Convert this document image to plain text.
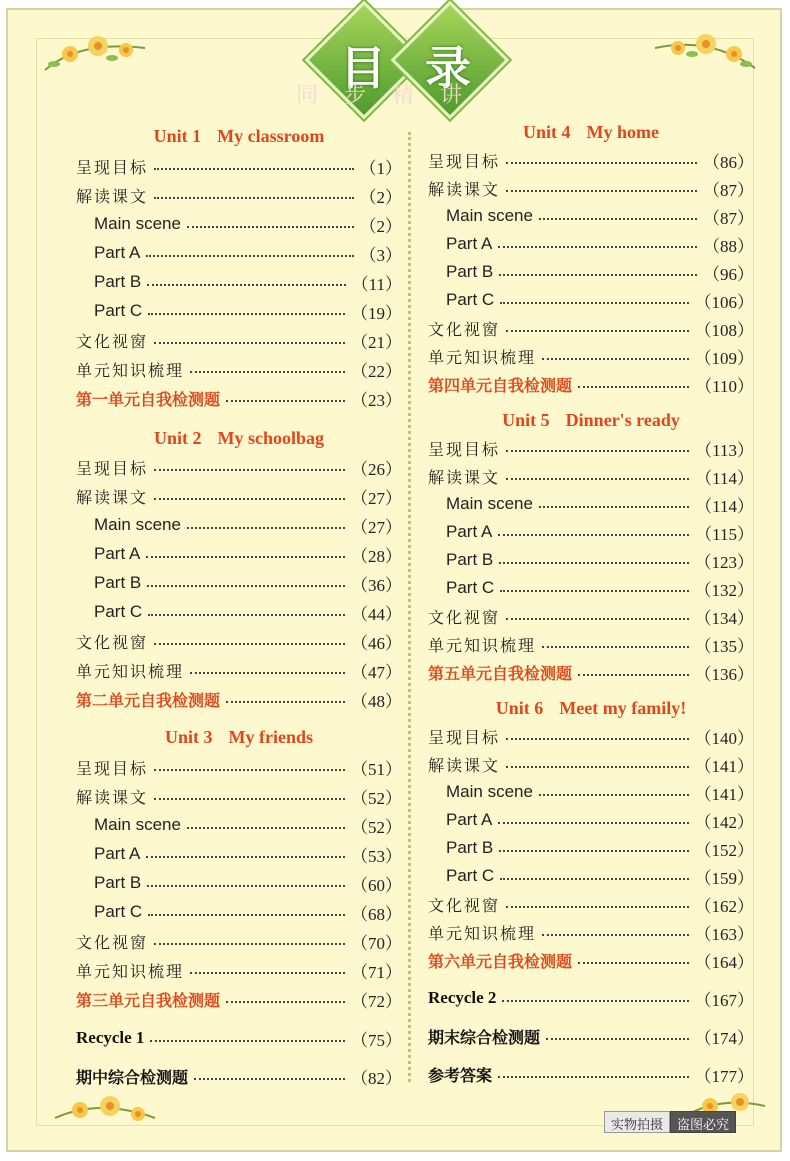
目 录
同步精讲
Unit 1 My classroom
呈现目标	（1）
解读课文	（2）
Main scene	（2）
Part A	（3）
Part B	（11）
Part C	（19）
文化视窗	（21）
单元知识梳理	（22）
第一单元自我检测题	（23）
Unit 2 My schoolbag
呈现目标	（26）
解读课文	（27）
Main scene	（27）
Part A	（28）
Part B	（36）
Part C	（44）
文化视窗	（46）
单元知识梳理	（47）
第二单元自我检测题	（48）
Unit 3 My friends
呈现目标	（51）
解读课文	（52）
Main scene	（52）
Part A	（53）
Part B	（60）
Part C	（68）
文化视窗	（70）
单元知识梳理	（71）
第三单元自我检测题	（72）
Recycle 1	（75）
期中综合检测题	（82）
Unit 4 My home
呈现目标	（86）
解读课文	（87）
Main scene	（87）
Part A	（88）
Part B	（96）
Part C	（106）
文化视窗	（108）
单元知识梳理	（109）
第四单元自我检测题	（110）
Unit 5 Dinner's ready
呈现目标	（113）
解读课文	（114）
Main scene	（114）
Part A	（115）
Part B	（123）
Part C	（132）
文化视窗	（134）
单元知识梳理	（135）
第五单元自我检测题	（136）
Unit 6 Meet my family!
呈现目标	（140）
解读课文	（141）
Main scene	（141）
Part A	（142）
Part B	（152）
Part C	（159）
文化视窗	（162）
单元知识梳理	（163）
第六单元自我检测题	（164）
Recycle 2	（167）
期末综合检测题	（174）
参考答案	（177）
实物拍摄	盗图必究
